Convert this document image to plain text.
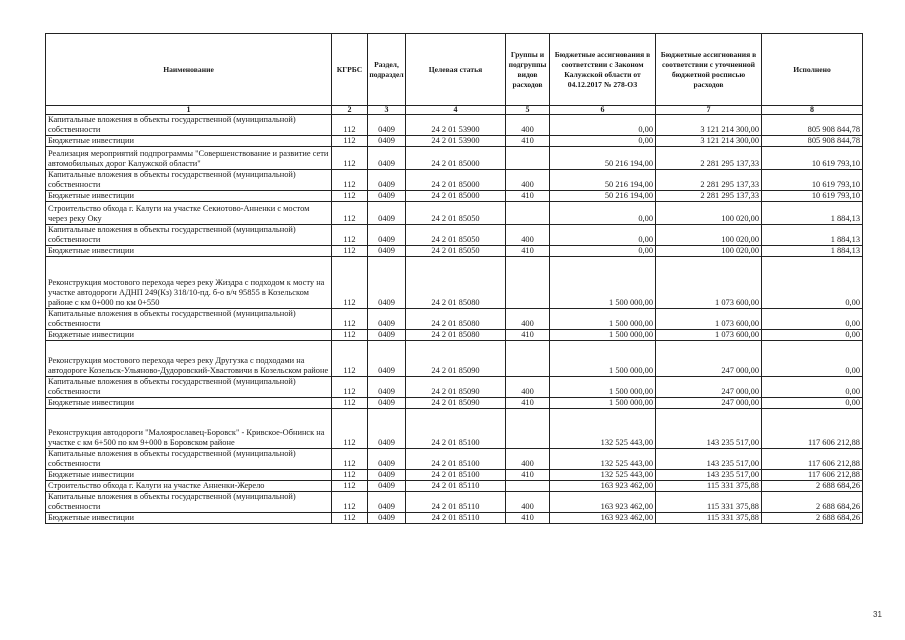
Наименование	КГРБС	Раздел, подраздел	Целевая статья	Группы и подгруппы видов расходов	Бюджетные ассигнования в соответствии с Законом Калужской области от 04.12.2017 № 278-ОЗ	Бюджетные ассигнования в соответствии с уточненной бюджетной росписью расходов	Исполнено
1	2	3	4	5	6	7	8
Капитальные вложения в объекты государственной (муниципальной) собственности	112	0409	24 2 01 53900	400	0,00	3 121 214 300,00	805 908 844,78
Бюджетные инвестиции	112	0409	24 2 01 53900	410	0,00	3 121 214 300,00	805 908 844,78
Реализация мероприятий подпрограммы "Совершенствование и развитие сети автомобильных дорог Калужской области"	112	0409	24 2 01 85000		50 216 194,00	2 281 295 137,33	10 619 793,10
Капитальные вложения в объекты государственной (муниципальной) собственности	112	0409	24 2 01 85000	400	50 216 194,00	2 281 295 137,33	10 619 793,10
Бюджетные инвестиции	112	0409	24 2 01 85000	410	50 216 194,00	2 281 295 137,33	10 619 793,10
Строительство обхода г. Калуги на участке Секиотово-Анненки с мостом через реку Оку	112	0409	24 2 01 85050		0,00	100 020,00	1 884,13
Капитальные вложения в объекты государственной (муниципальной) собственности	112	0409	24 2 01 85050	400	0,00	100 020,00	1 884,13
Бюджетные инвестиции	112	0409	24 2 01 85050	410	0,00	100 020,00	1 884,13
Реконструкция мостового перехода через реку Жиздра с подходом к мосту на участке автодороги АДНП 249(Кз) 318/10-пд. б-о в/ч 95855 в Козельском районе с км 0+000 по км 0+550	112	0409	24 2 01 85080		1 500 000,00	1 073 600,00	0,00
Капитальные вложения в объекты государственной (муниципальной) собственности	112	0409	24 2 01 85080	400	1 500 000,00	1 073 600,00	0,00
Бюджетные инвестиции	112	0409	24 2 01 85080	410	1 500 000,00	1 073 600,00	0,00
Реконструкция мостового перехода через реку Другузка с подходами на автодороге Козельск-Ульяново-Дудоровский-Хвастовичи в Козельском районе	112	0409	24 2 01 85090		1 500 000,00	247 000,00	0,00
Капитальные вложения в объекты государственной (муниципальной) собственности	112	0409	24 2 01 85090	400	1 500 000,00	247 000,00	0,00
Бюджетные инвестиции	112	0409	24 2 01 85090	410	1 500 000,00	247 000,00	0,00
Реконструкция автодороги "Малоярославец-Боровск" - Кривское-Обнинск на участке с км 6+500 по км 9+000 в Боровском районе	112	0409	24 2 01 85100		132 525 443,00	143 235 517,00	117 606 212,88
Капитальные вложения в объекты государственной (муниципальной) собственности	112	0409	24 2 01 85100	400	132 525 443,00	143 235 517,00	117 606 212,88
Бюджетные инвестиции	112	0409	24 2 01 85100	410	132 525 443,00	143 235 517,00	117 606 212,88
Строительство обхода г. Калуги на участке Анненки-Жерело	112	0409	24 2 01 85110		163 923 462,00	115 331 375,88	2 688 684,26
Капитальные вложения в объекты государственной (муниципальной) собственности	112	0409	24 2 01 85110	400	163 923 462,00	115 331 375,88	2 688 684,26
Бюджетные инвестиции	112	0409	24 2 01 85110	410	163 923 462,00	115 331 375,88	2 688 684,26
31
